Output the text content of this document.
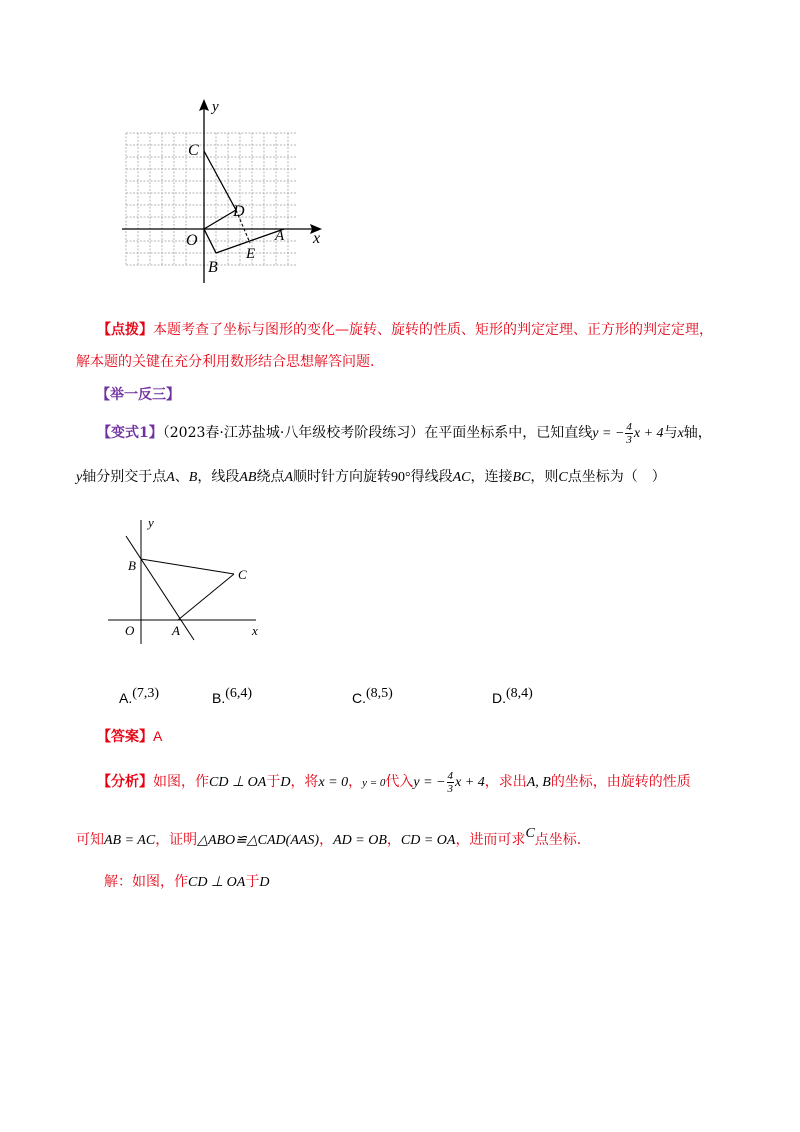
y
x
C
D
O	A
B
E
【点拨】本题考查了坐标与图形的变化—旋转、旋转的性质、矩形的判定定理、正方形的判定定理，
解本题的关键在充分利用数形结合思想解答问题.
【举一反三】
【变式1】（2023春·江苏盐城·八年级校考阶段练习）在平面坐标系中，已知直线y = − $\frac{4}{3}$ x + 4与x轴，
y轴分别交于点A、B，线段AB绕点A顺时针方向旋转90°得线段AC，连接BC，则C点坐标为（　）
y
x
B
C
O	A
A.(7,3)	B.(6,4)	C.(8,5)	D.(8,4)
【答案】A
【分析】如图，作CD ⊥ OA于D，将x = 0，y = 0代入y = − $\frac{4}{3}$ x + 4，求出A, B的坐标，由旋转的性质
可知AB = AC，证明△ABO≌△CAD(AAS)，AD = OB，CD = OA，进而可求C点坐标.
解：如图，作CD ⊥ OA于D
